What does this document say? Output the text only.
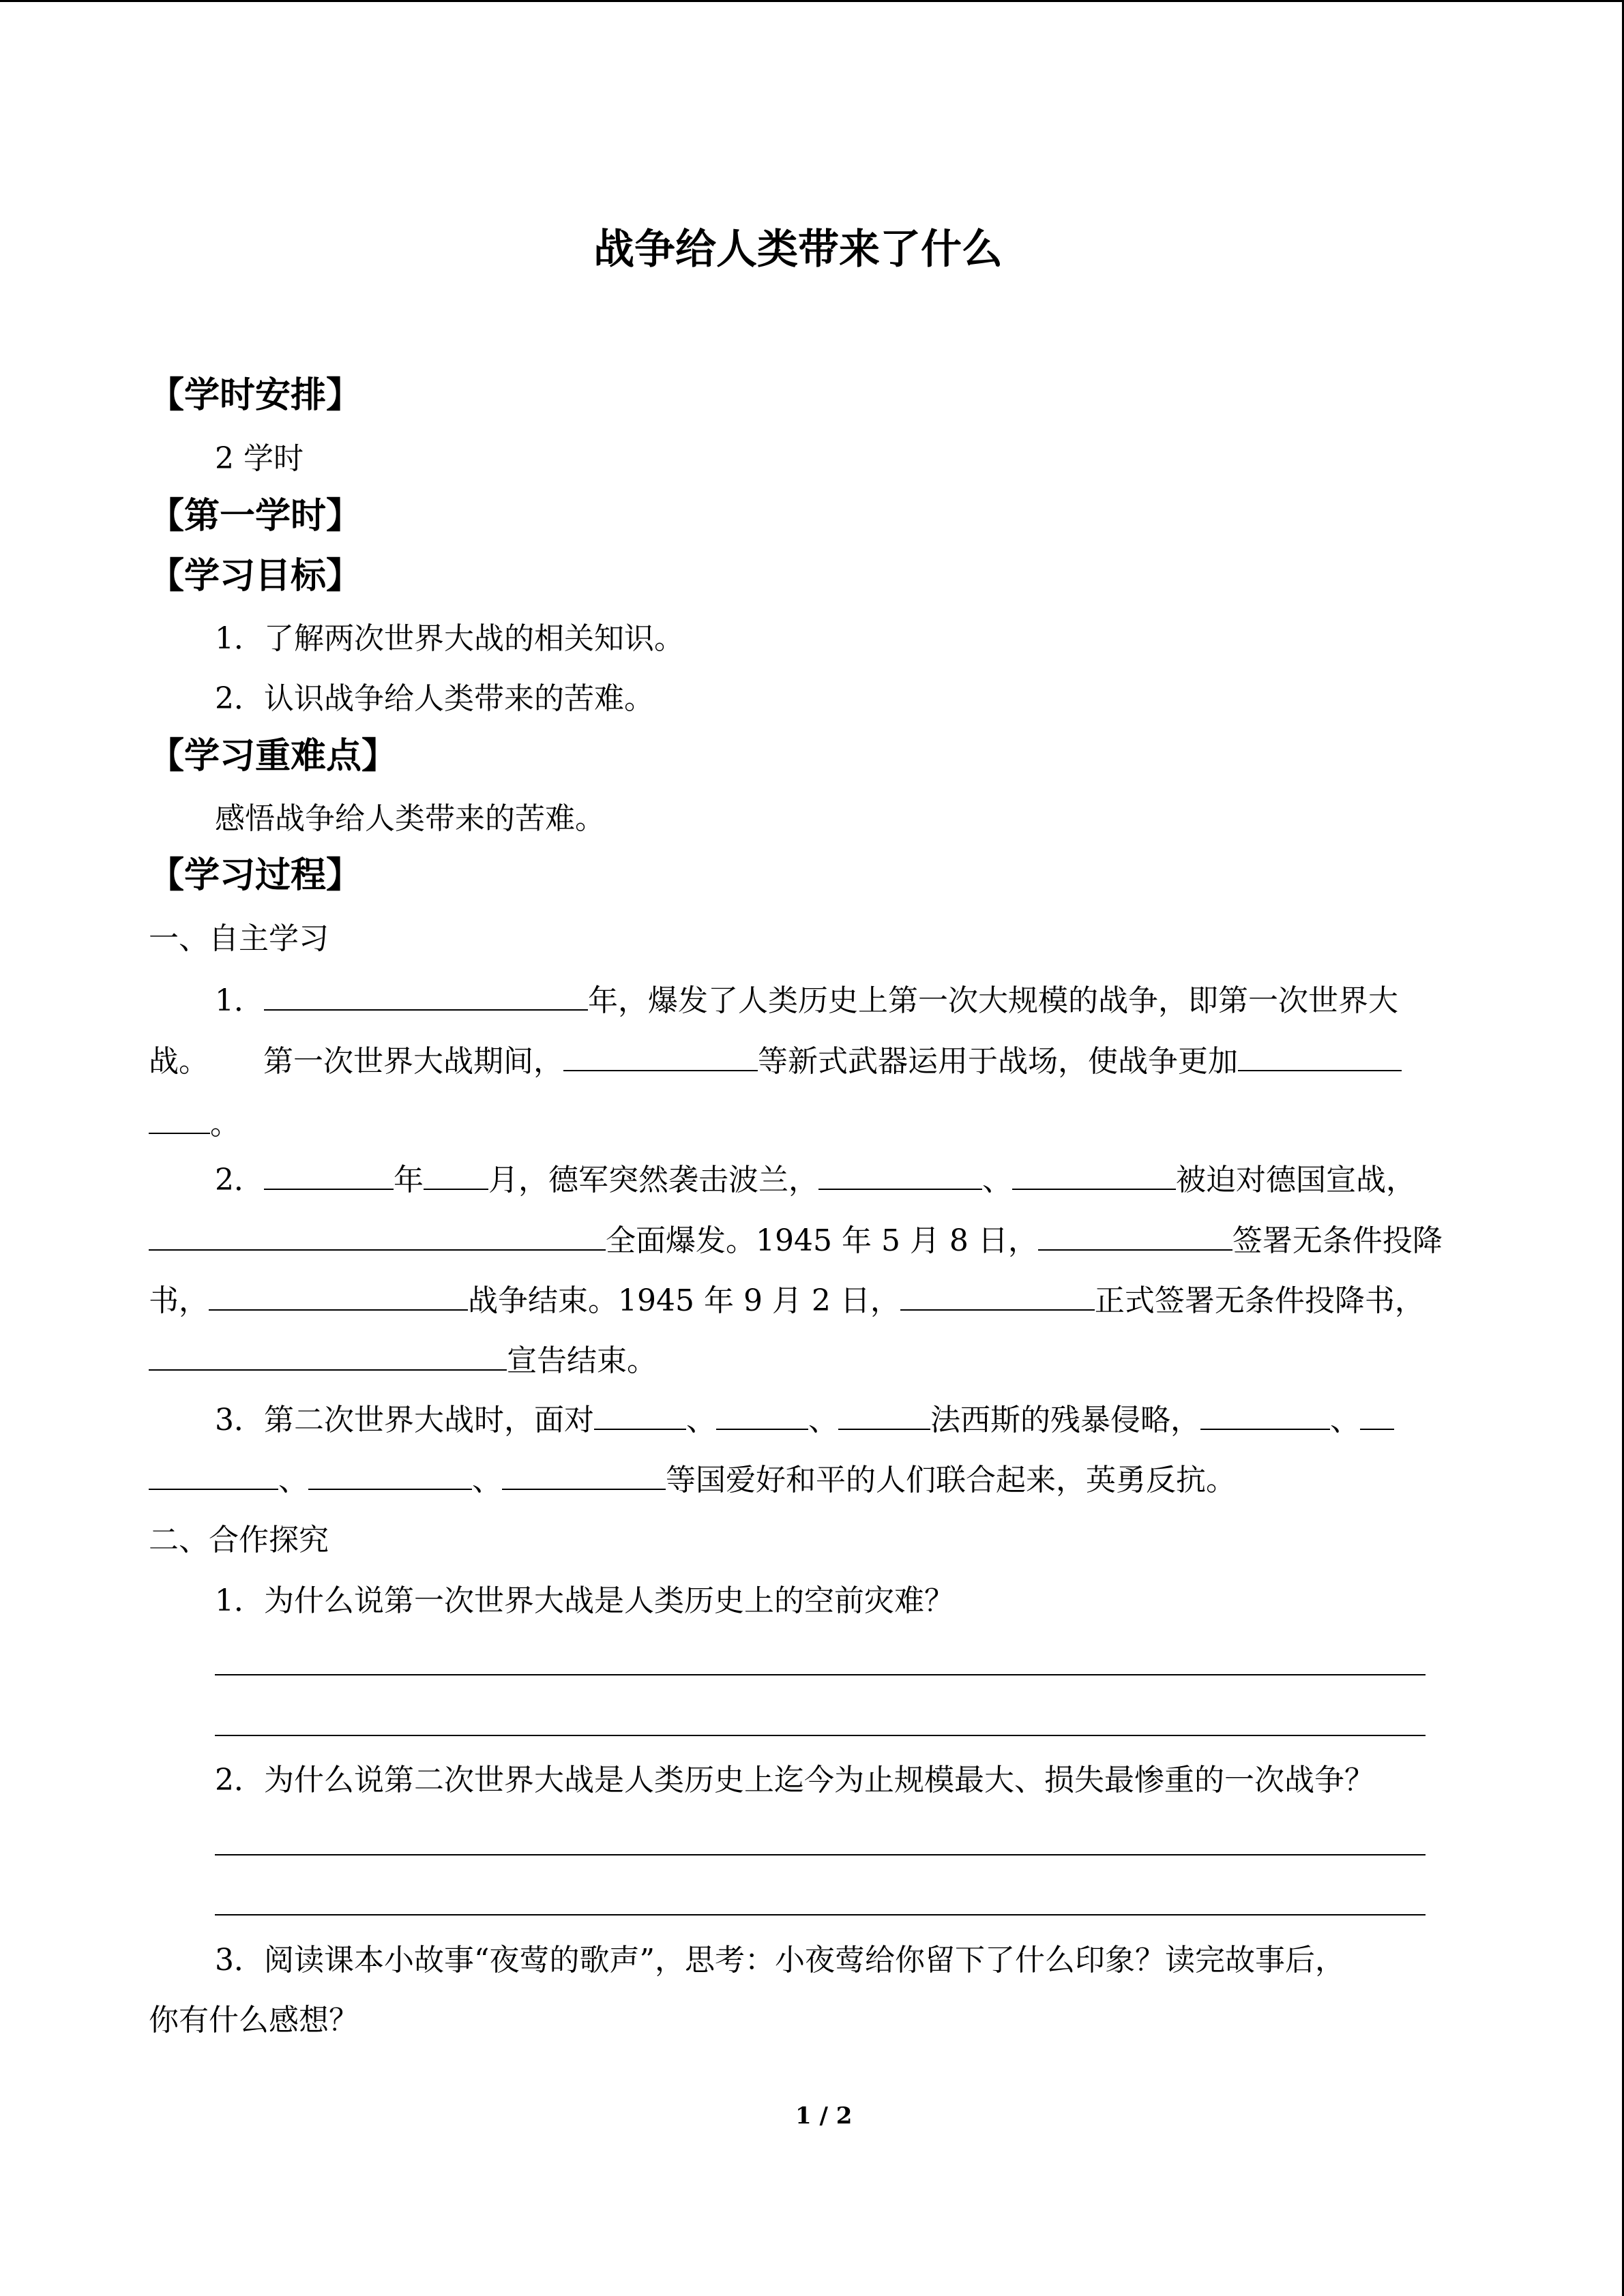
战争给人类带来了什么
【学时安排】
2 学时
【第一学时】
【学习目标】
1．了解两次世界大战的相关知识。
2．认识战争给人类带来的苦难。
【学习重难点】
感悟战争给人类带来的苦难。
【学习过程】
一、自主学习
1．	年，爆发了人类历史上第一次大规模的战争，即第一次世界大
战。 第一次世界大战期间，	等新式武器运用于战场，使战争更加
。
2．	年 月，德军突然袭击波兰，	、	被迫对德国宣战，
全面爆发。1945 年 5 月 8 日，	签署无条件投降
书，	战争结束。1945 年 9 月 2 日，	正式签署无条件投降书，
宣告结束。
3．第二次世界大战时，面对	、	、	法西斯的残暴侵略，	、
、	、	等国爱好和平的人们联合起来，英勇反抗。
二、合作探究
1．为什么说第一次世界大战是人类历史上的空前灾难？
2．为什么说第二次世界大战是人类历史上迄今为止规模最大、损失最惨重的一次战争？
3．阅读课本小故事“夜莺的歌声”，思考：小夜莺给你留下了什么印象？读完故事后，
你有什么感想？
1 / 2
